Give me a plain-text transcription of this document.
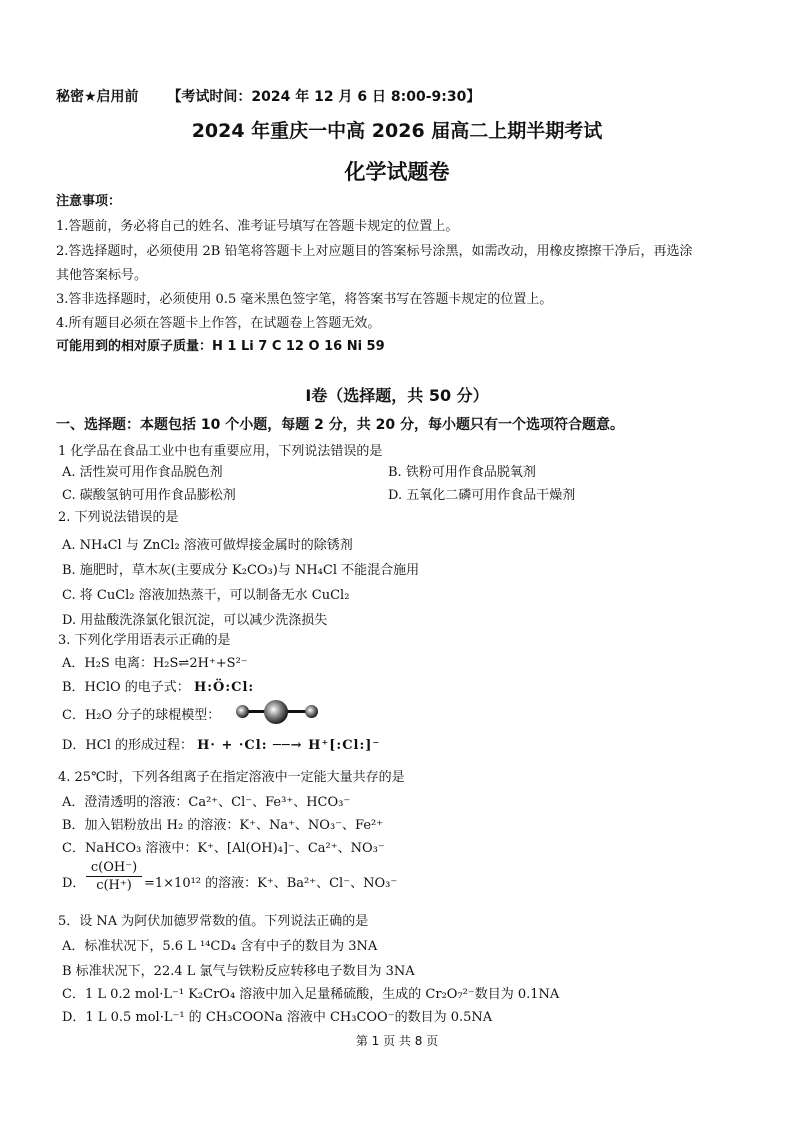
秘密★启用前 【考试时间：2024 年 12 月 6 日 8:00-9:30】
2024 年重庆一中高 2026 届高二上期半期考试
化学试题卷
注意事项：
1.答题前，务必将自己的姓名、准考证号填写在答题卡规定的位置上。
2.答选择题时，必须使用 2B 铅笔将答题卡上对应题目的答案标号涂黑，如需改动，用橡皮擦擦干净后，再选涂
其他答案标号。
3.答非选择题时，必须使用 0.5 毫米黑色签字笔，将答案书写在答题卡规定的位置上。
4.所有题目必须在答题卡上作答，在试题卷上答题无效。
可能用到的相对原子质量：H 1 Li 7 C 12 O 16 Ni 59
I卷（选择题，共 50 分）
一、选择题：本题包括 10 个小题，每题 2 分，共 20 分，每小题只有一个选项符合题意。
1 化学品在食品工业中也有重要应用，下列说法错误的是
A. 活性炭可用作食品脱色剂	B. 铁粉可用作食品脱氧剂
C. 碳酸氢钠可用作食品膨松剂	D. 五氧化二磷可用作食品干燥剂
2. 下列说法错误的是
A. NH₄Cl 与 ZnCl₂ 溶液可做焊接金属时的除锈剂
B. 施肥时，草木灰(主要成分 K₂CO₃)与 NH₄Cl 不能混合施用
C. 将 CuCl₂ 溶液加热蒸干，可以制备无水 CuCl₂
D. 用盐酸洗涤氯化银沉淀，可以减少洗涤损失
3. 下列化学用语表示正确的是
A．H₂S 电离：H₂S⇌2H⁺+S²⁻
B．HClO 的电子式： H:Ö:Cl:
C．H₂O 分子的球棍模型：
D．HCl 的形成过程： H· + ·Cl: ──→ H⁺[:Cl:]⁻
4. 25℃时，下列各组离子在指定溶液中一定能大量共存的是
A．澄清透明的溶液：Ca²⁺、Cl⁻、Fe³⁺、HCO₃⁻
B．加入铝粉放出 H₂ 的溶液：K⁺、Na⁺、NO₃⁻、Fe²⁺
C．NaHCO₃ 溶液中：K⁺、[Al(OH)₄]⁻、Ca²⁺、NO₃⁻
D．
c(OH⁻)
c(H⁺) =1×10¹² 的溶液：K⁺、Ba²⁺、Cl⁻、NO₃⁻
5．设 NA 为阿伏加德罗常数的值。下列说法正确的是
A．标准状况下，5.6 L ¹⁴CD₄ 含有中子的数目为 3NA
B 标准状况下，22.4 L 氯气与铁粉反应转移电子数目为 3NA
C．1 L 0.2 mol·L⁻¹ K₂CrO₄ 溶液中加入足量稀硫酸，生成的 Cr₂O₇²⁻数目为 0.1NA
D．1 L 0.5 mol·L⁻¹ 的 CH₃COONa 溶液中 CH₃COO⁻的数目为 0.5NA
第 1 页 共 8 页
